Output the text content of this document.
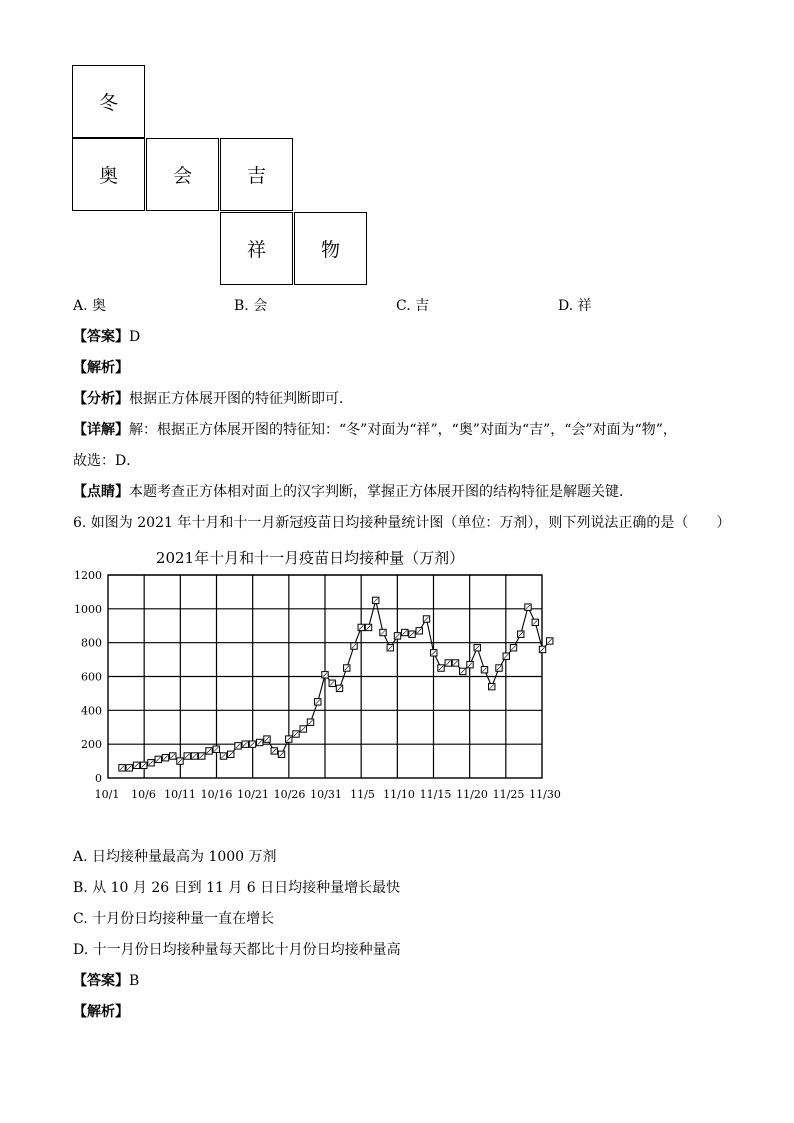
冬
奥	会	吉
祥	物
A. 奥	B. 会	C. 吉	D. 祥
【答案】D
【解析】
【分析】根据正方体展开图的特征判断即可．
【详解】解：根据正方体展开图的特征知：“冬”对面为“祥”，“奥”对面为“吉”，“会”对面为“物”，
故选：D．
【点睛】本题考查正方体相对面上的汉字判断，掌握正方体展开图的结构特征是解题关键．
6. 如图为 2021 年十月和十一月新冠疫苗日均接种量统计图（单位：万剂），则下列说法正确的是（　　）
2021年十月和十一月疫苗日均接种量（万剂）
1200
1000
800
600
400
200
0
10/1 10/6 10/11 10/16 10/21 10/26 10/31 11/5 11/10 11/15 11/20 11/25 11/30
A. 日均接种量最高为 1000 万剂
B. 从 10 月 26 日到 11 月 6 日日均接种量增长最快
C. 十月份日均接种量一直在增长
D. 十一月份日均接种量每天都比十月份日均接种量高
【答案】B
【解析】
